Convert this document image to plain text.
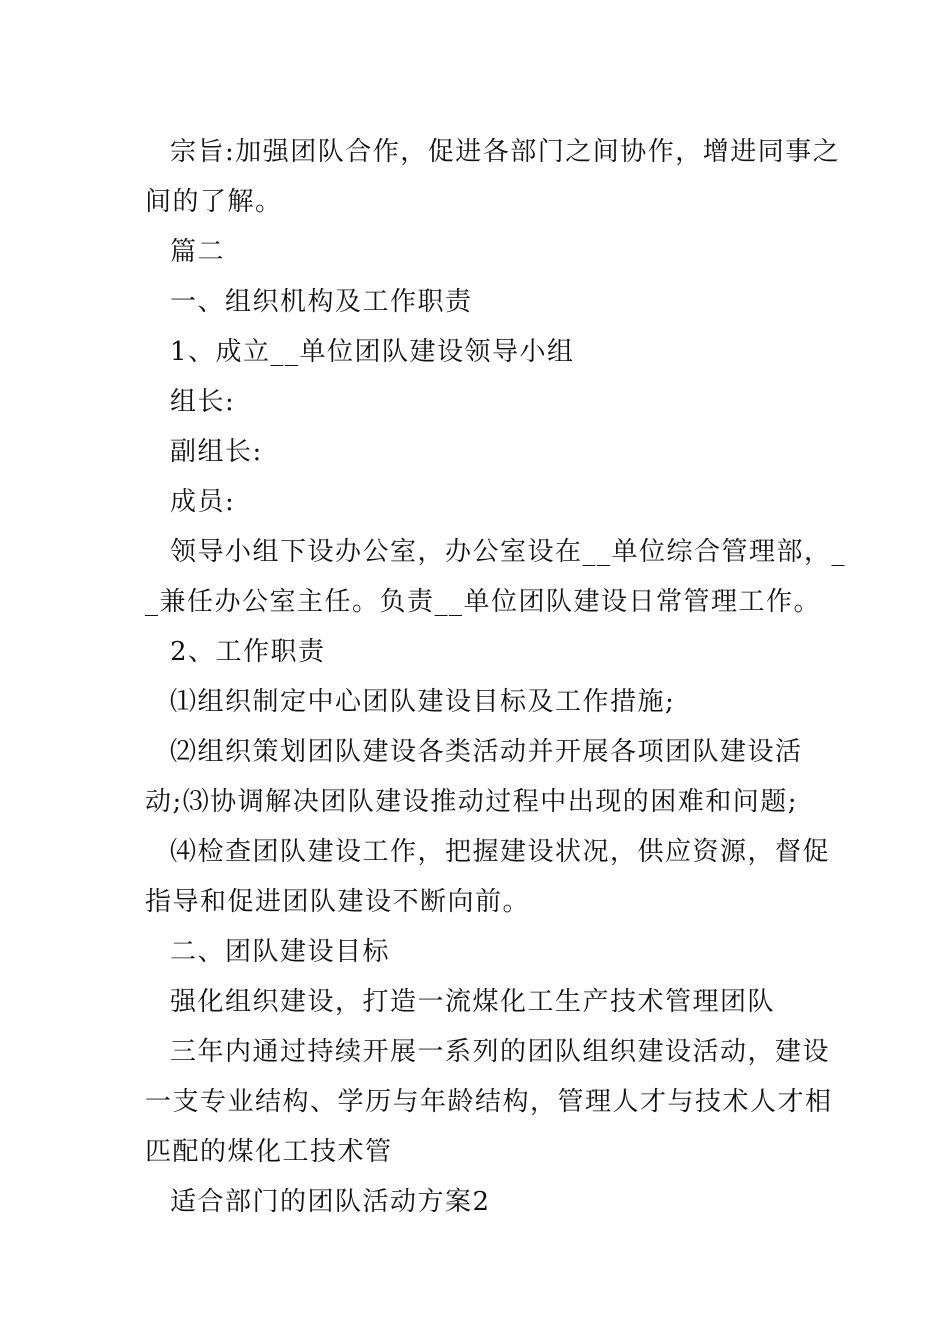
宗旨:加强团队合作，促进各部门之间协作，增进同事之
间的了解。
篇二
一、组织机构及工作职责
1、成立__单位团队建设领导小组
组长:
副组长:
成员:
领导小组下设办公室，办公室设在__单位综合管理部，_
_兼任办公室主任。负责__单位团队建设日常管理工作。
2、工作职责
⑴组织制定中心团队建设目标及工作措施;
⑵组织策划团队建设各类活动并开展各项团队建设活
动;⑶协调解决团队建设推动过程中出现的困难和问题;
⑷检查团队建设工作，把握建设状况，供应资源，督促
指导和促进团队建设不断向前。
二、团队建设目标
强化组织建设，打造一流煤化工生产技术管理团队
三年内通过持续开展一系列的团队组织建设活动，建设
一支专业结构、学历与年龄结构，管理人才与技术人才相
匹配的煤化工技术管
适合部门的团队活动方案2
